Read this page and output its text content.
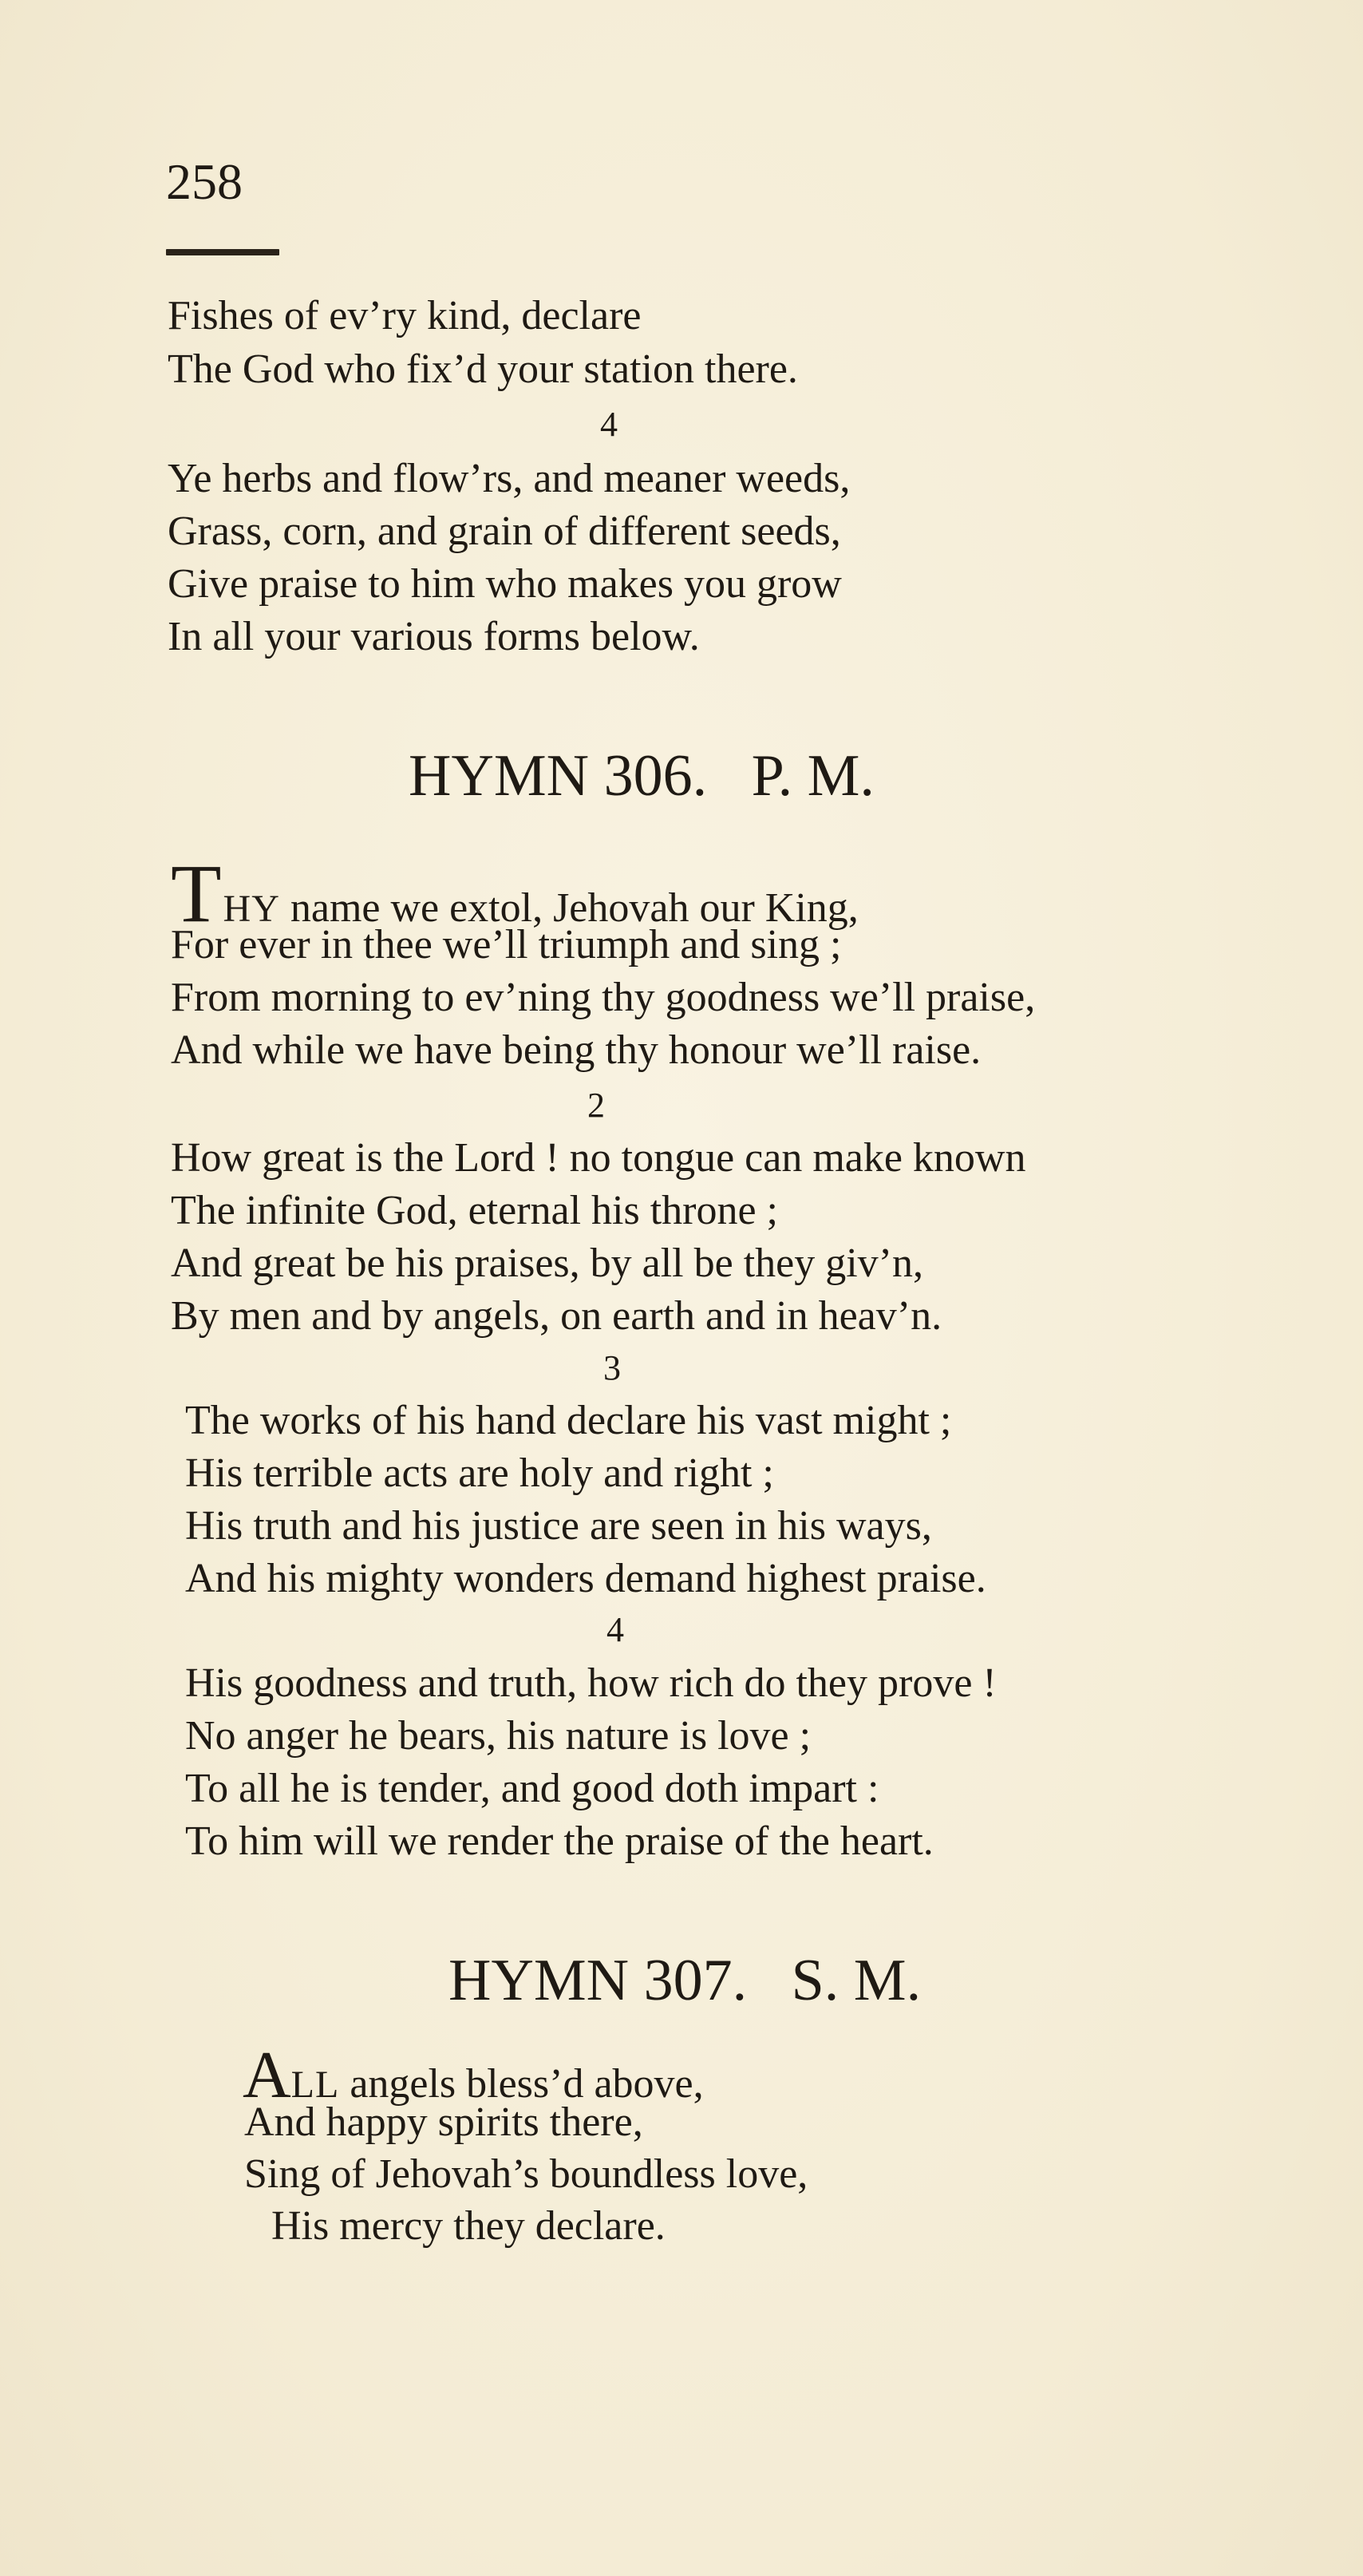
258
Fishes of ev’ry kind, declare
The God who fix’d your station there.
4
Ye herbs and flow’rs, and meaner weeds,
Grass, corn, and grain of different seeds,
Give praise to him who makes you grow
In all your various forms below.
HYMN 306. P. M.
THY name we extol, Jehovah our King,
For ever in thee we’ll triumph and sing ;
From morning to ev’ning thy goodness we’ll praise,
And while we have being thy honour we’ll raise.
2
How great is the Lord ! no tongue can make known
The infinite God, eternal his throne ;
And great be his praises, by all be they giv’n,
By men and by angels, on earth and in heav’n.
3
The works of his hand declare his vast might ;
His terrible acts are holy and right ;
His truth and his justice are seen in his ways,
And his mighty wonders demand highest praise.
4
His goodness and truth, how rich do they prove !
No anger he bears, his nature is love ;
To all he is tender, and good doth impart :
To him will we render the praise of the heart.
HYMN 307. S. M.
ALL angels bless’d above,
And happy spirits there,
Sing of Jehovah’s boundless love,
His mercy they declare.
